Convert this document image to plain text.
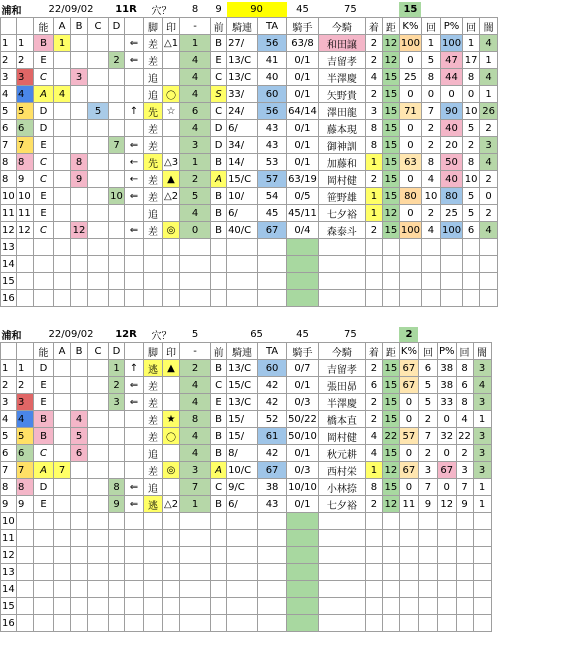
浦和		22/09/02				11R		穴？		8	9	90		45	75			15				
		能	A	B	C	D		脚	印	-	前	騎連	TA	騎手	今騎	着	距	K%	回	P%	回	闇
1	1	B	1				⇐	差	△1	1	B	27/	56	63/8	和田譲	2	12	100	1	100	1	4
2	2	E				2	⇐	差		4	E	13/C	41	0/1	吉留孝	2	12	0	5	47	17	1
3	3	C		3				追		4	C	13/C	40	0/1	半澤慶	4	15	25	8	44	8	4
4	4	A	4					追	〇	4	S	33/	60	0/1	矢野貴	2	15	0	0	0	0	1
5	5	D			5		↑	先	☆	6	C	24/	56	64/14	澤田龍	3	15	71	7	90	10	26
6	6	D						差		4	D	6/	43	0/1	藤本現	8	15	0	2	40	5	2
7	7	E				7	⇐	差		3	D	34/	43	0/1	御神訓	8	15	0	2	20	2	3
8	8	C		8			←	先	△3	1	B	14/	53	0/1	加藤和	1	15	63	8	50	8	4
8	9	C		9			←	差	▲	2	A	15/C	57	63/19	岡村健	2	15	0	4	40	10	2
10	10	E				10	⇐	差	△2	5	B	10/	54	0/5	笹野雄	1	15	80	10	80	5	0
11	11	E						追		4	B	6/	45	45/11	七夕裕	1	12	0	2	25	5	2
12	12	C		12			⇐	差	◎	0	B	40/C	67	0/4	森泰斗	2	15	100	4	100	6	4
13																						
14																						
15																						
16																						
浦和		22/09/02				12R		穴？		5		65		45	75			2				
		能	A	B	C	D		脚	印	-	前	騎連	TA	騎手	今騎	着	距	K%	回	P%	回	闇
1	1	D				1	↑	逃	▲	2	B	13/C	60	0/7	吉留孝	2	15	67	6	38	8	3
2	2	E				2	⇐	差		4	C	15/C	42	0/1	張田昴	6	15	67	5	38	6	4
3	3	E				3	⇐	差		4	E	13/C	42	0/3	半澤慶	2	15	0	5	33	8	3
4	4	B		4				差	★	8	B	15/	52	50/22	橋本直	2	15	0	2	0	4	1
5	5	B		5				差	〇	4	B	15/	61	50/10	岡村健	4	22	57	7	32	22	3
6	6	C		6				追		4	B	8/	42	0/1	秋元耕	4	15	0	2	0	2	3
7	7	A	7					差	◎	3	A	10/C	67	0/3	西村栄	1	12	67	3	67	3	3
8	8	D				8	⇐	追		7	C	9/C	38	10/10	小林捺	8	15	0	7	0	7	1
9	9	E				9	⇐	逃	△2	1	B	6/	43	0/1	七夕裕	2	12	11	9	12	9	1
10																						
11																						
12																						
13																						
14																						
15																						
16																						
